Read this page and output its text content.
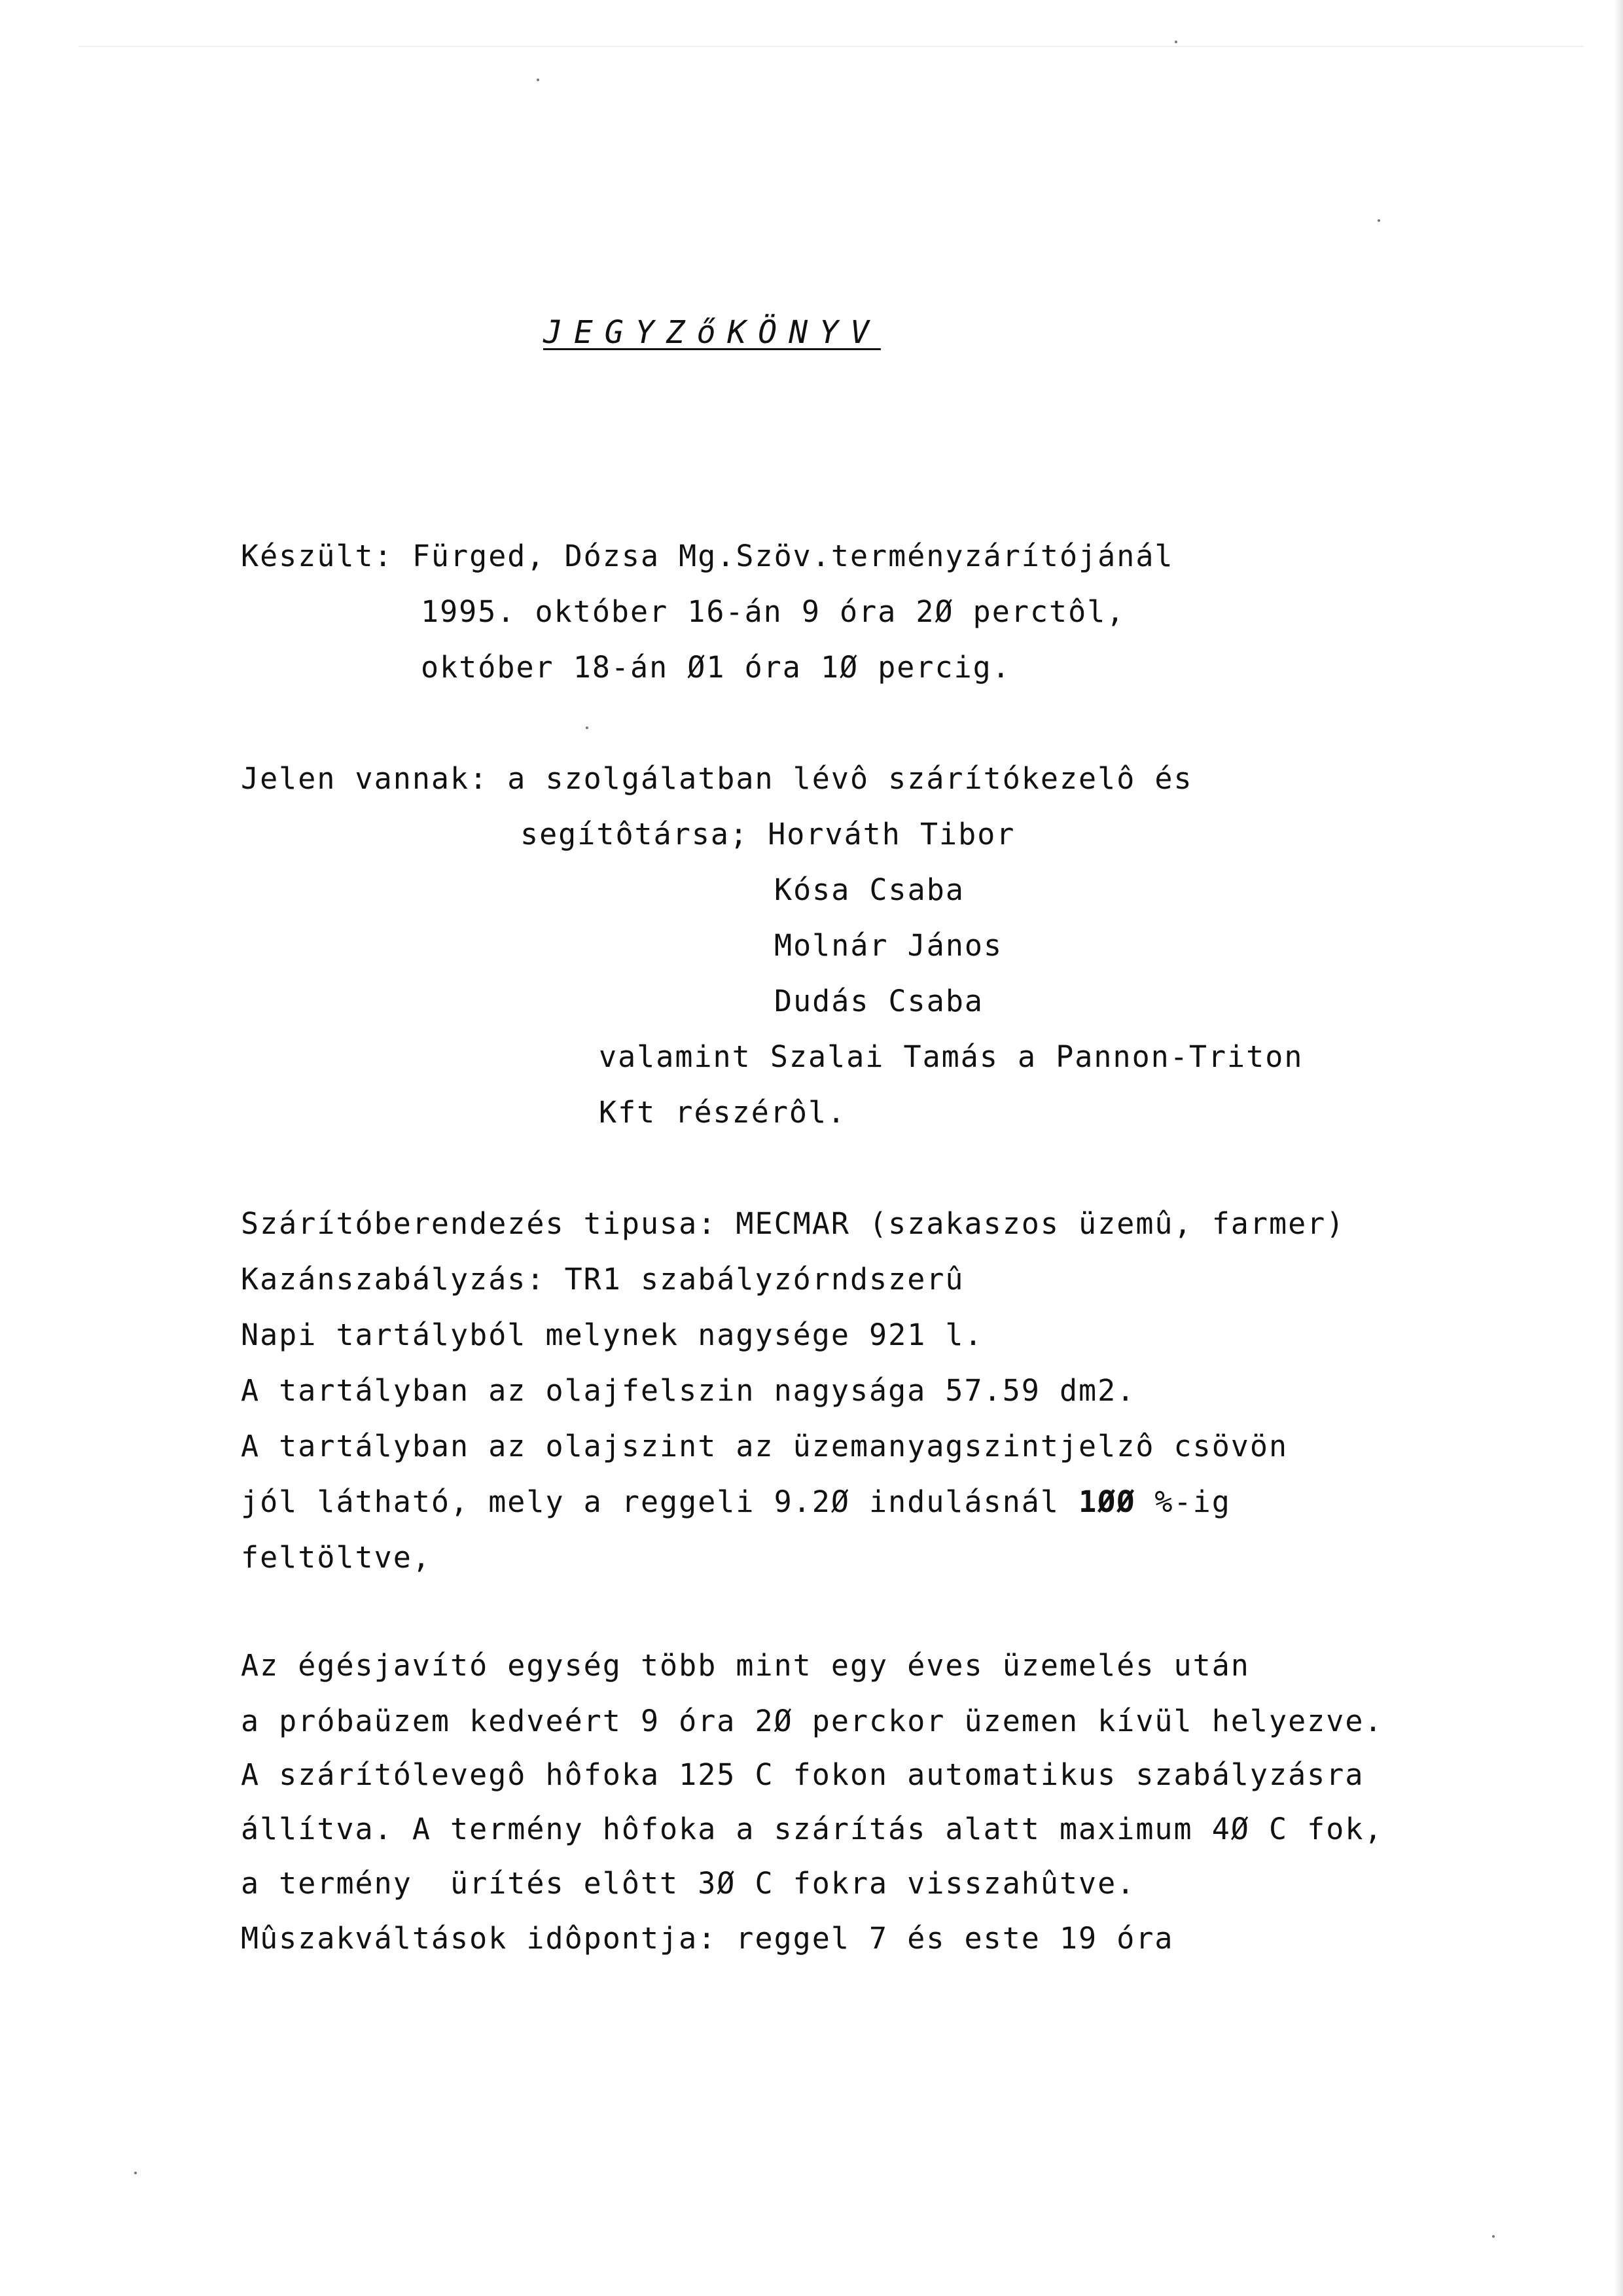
JEGYZőKÖNYV
Készült: Fürged, Dózsa Mg.Szöv.terményzárítójánál
1995. október 16-án 9 óra 2Ø perctôl,
október 18-án Ø1 óra 1Ø percig.
Jelen vannak: a szolgálatban lévô szárítókezelô és
segítôtársa; Horváth Tibor
Kósa Csaba
Molnár János
Dudás Csaba
valamint Szalai Tamás a Pannon-Triton
Kft részérôl.
Szárítóberendezés tipusa: MECMAR (szakaszos üzemû, farmer)
Kazánszabályzás: TR1 szabályzórndszerû
Napi tartályból melynek nagysége 921 l.
A tartályban az olajfelszin nagysága 57.59 dm2.
A tartályban az olajszint az üzemanyagszintjelzô csövön
jól látható, mely a reggeli 9.2Ø indulásnál 1ØØ %-ig
feltöltve,
Az égésjavító egység több mint egy éves üzemelés után
a próbaüzem kedveért 9 óra 2Ø perckor üzemen kívül helyezve.
A szárítólevegô hôfoka 125 C fokon automatikus szabályzásra
állítva. A termény hôfoka a szárítás alatt maximum 4Ø C fok,
a termény  ürítés elôtt 3Ø C fokra visszahûtve.
Mûszakváltások idôpontja: reggel 7 és este 19 óra
